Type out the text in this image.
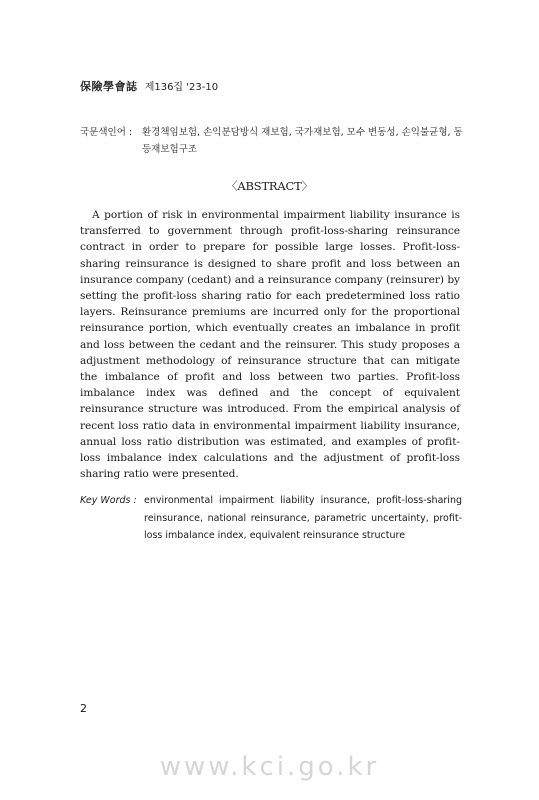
保險學會誌 제136집 '23-10
국문색인어 : 환경책임보험, 손익분담방식 재보험, 국가재보험, 모수 변동성, 손익불균형, 동등재보험구조
〈ABSTRACT〉

A portion of risk in environmental impairment liability insurance is transferred to government through profit-loss-sharing reinsurance contract in order to prepare for possible large losses. Profit-loss-sharing reinsurance is designed to share profit and loss between an insurance company (cedant) and a reinsurance company (reinsurer) by setting the profit-loss sharing ratio for each predetermined loss ratio layers. Reinsurance premiums are incurred only for the proportional reinsurance portion, which eventually creates an imbalance in profit and loss between the cedant and the reinsurer. This study proposes a adjustment methodology of reinsurance structure that can mitigate the imbalance of profit and loss between two parties. Profit-loss imbalance index was defined and the concept of equivalent reinsurance structure was introduced. From the empirical analysis of recent loss ratio data in environmental impairment liability insurance, annual loss ratio distribution was estimated, and examples of profit-loss imbalance index calculations and the adjustment of profit-loss sharing ratio were presented.

Key Words : environmental impairment liability insurance, profit-loss-sharing reinsurance, national reinsurance, parametric uncertainty, profit-loss imbalance index, equivalent reinsurance structure
2
www.kci.go.kr
